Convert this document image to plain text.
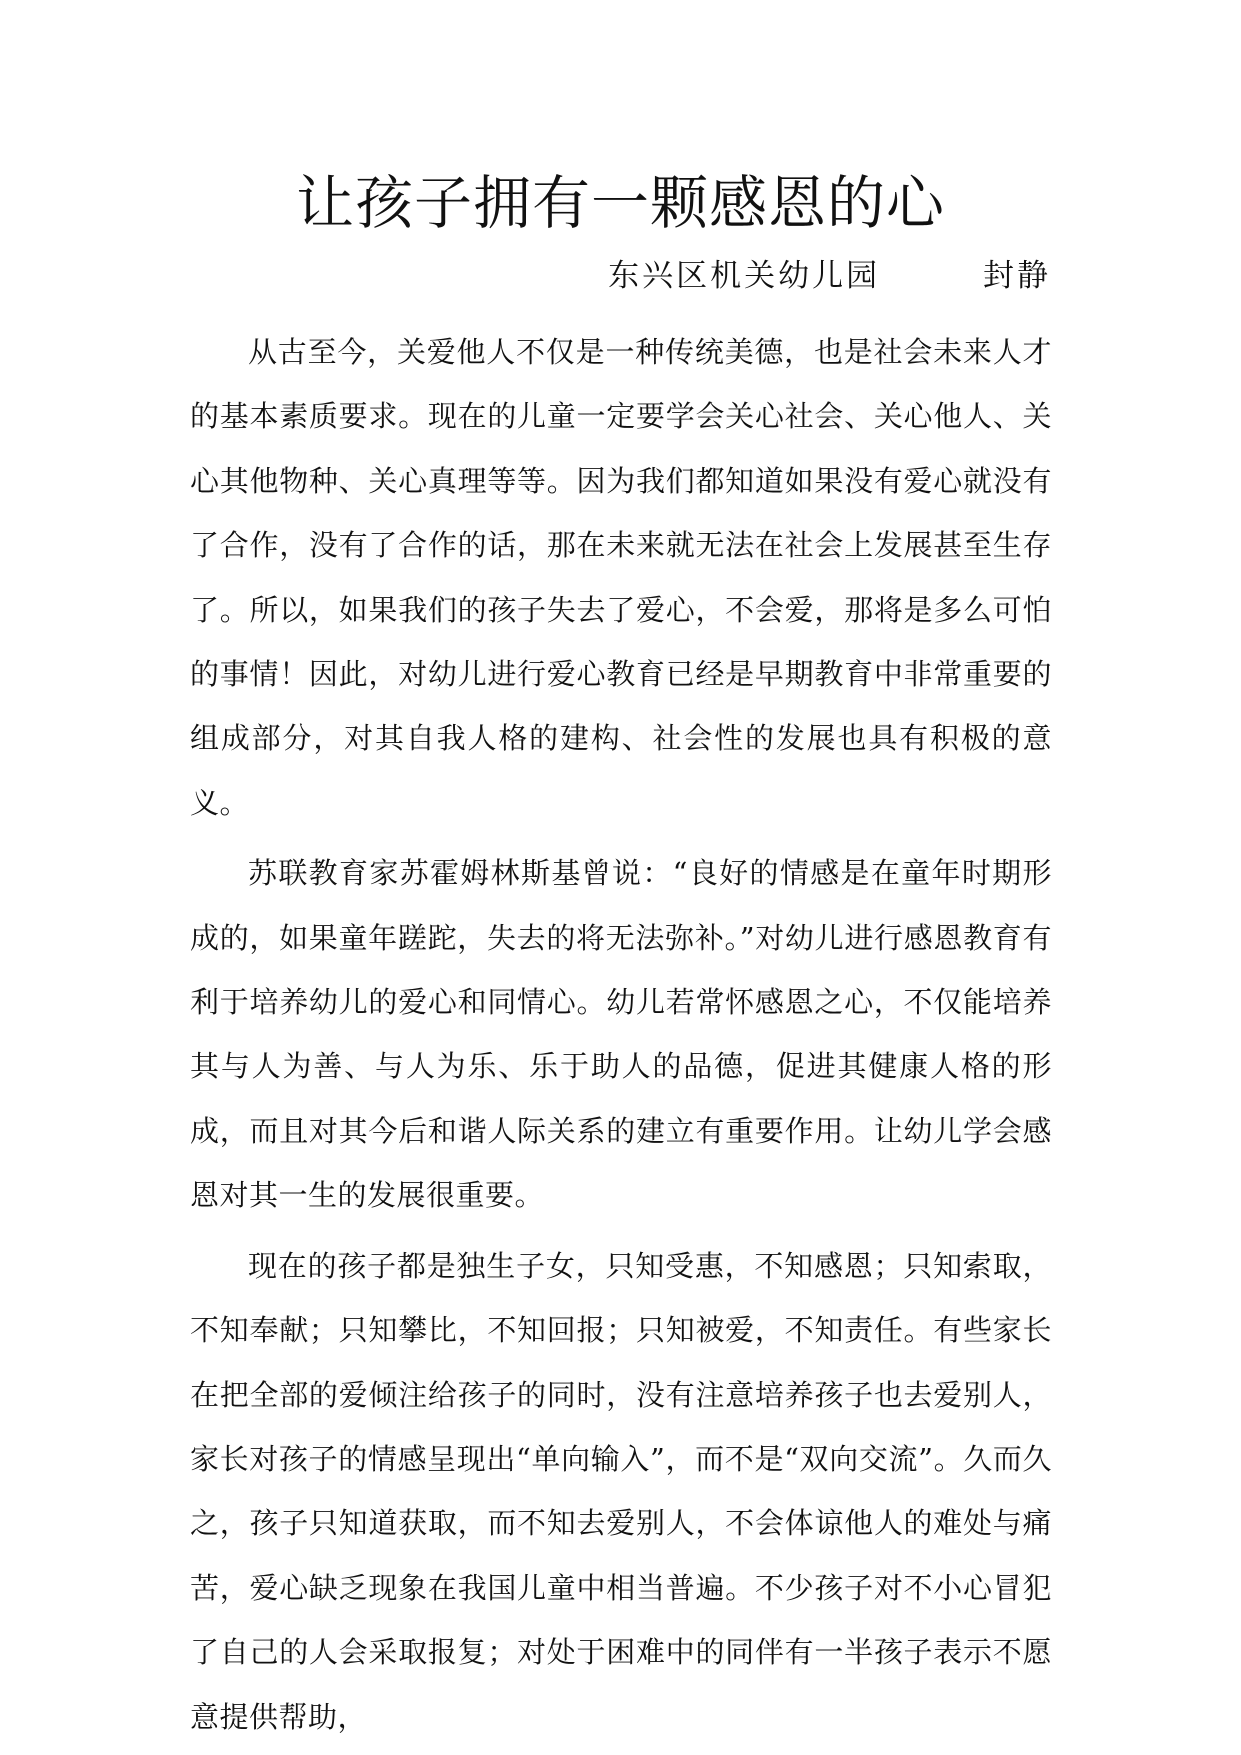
让孩子拥有一颗感恩的心
东兴区机关幼儿园        封静

从古至今，关爱他人不仅是一种传统美德，也是社会未来人才的基本素质要求。现在的儿童一定要学会关心社会、关心他人、关心其他物种、关心真理等等。因为我们都知道如果没有爱心就没有了合作，没有了合作的话，那在未来就无法在社会上发展甚至生存了。所以，如果我们的孩子失去了爱心，不会爱，那将是多么可怕的事情！因此，对幼儿进行爱心教育已经是早期教育中非常重要的组成部分，对其自我人格的建构、社会性的发展也具有积极的意义。

苏联教育家苏霍姆林斯基曾说：“良好的情感是在童年时期形成的，如果童年蹉跎，失去的将无法弥补。”对幼儿进行感恩教育有利于培养幼儿的爱心和同情心。幼儿若常怀感恩之心，不仅能培养其与人为善、与人为乐、乐于助人的品德，促进其健康人格的形成，而且对其今后和谐人际关系的建立有重要作用。让幼儿学会感恩对其一生的发展很重要。

现在的孩子都是独生子女，只知受惠，不知感恩；只知索取，不知奉献；只知攀比，不知回报；只知被爱，不知责任。有些家长在把全部的爱倾注给孩子的同时，没有注意培养孩子也去爱别人，家长对孩子的情感呈现出“单向输入”，而不是“双向交流”。久而久之，孩子只知道获取，而不知去爱别人，不会体谅他人的难处与痛苦，爱心缺乏现象在我国儿童中相当普遍。不少孩子对不小心冒犯了自己的人会采取报复；对处于困难中的同伴有一半孩子表示不愿意提供帮助，
